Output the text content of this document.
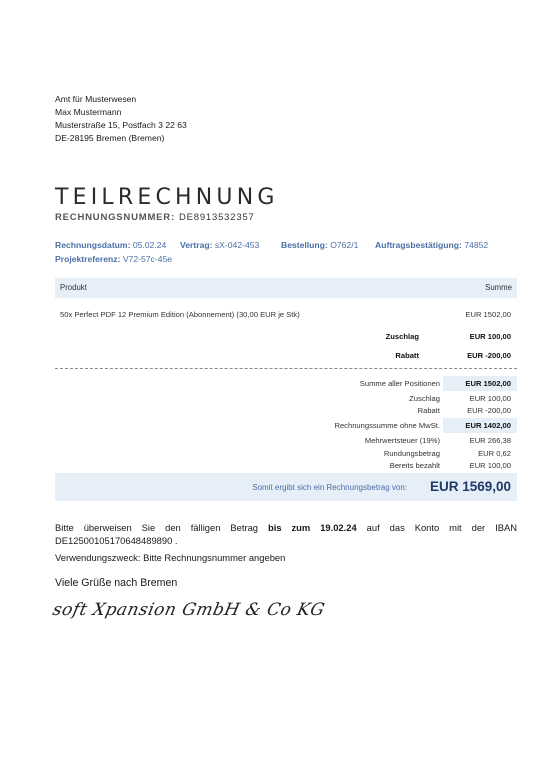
Amt für Musterwesen
Max Mustermann
Musterstraße 15, Postfach 3 22 63
DE-28195 Bremen (Bremen)
TEILRECHNUNG
RECHNUNGSNUMMER: DE8913532357
Rechnungsdatum: 05.02.24 Vertrag: sX-042-453	Bestellung: O762/1 Auftragsbestätigung: 74852
Projektreferenz: V72-57c-45e
Produkt	Summe
50x Perfect PDF 12 Premium Edition (Abonnement) (30,00 EUR je Stk)	EUR 1502,00
Zuschlag	EUR 100,00
Rabatt	EUR -200,00
Summe aller Positionen	EUR 1502,00
Zuschlag	EUR 100,00
Rabatt	EUR -200,00
Rechnungssumme ohne MwSt.	EUR 1402,00
Mehrwertsteuer (19%)	EUR 266,38
Rundungsbetrag	EUR 0,62
Bereits bezahlt	EUR 100,00
Somit ergibt sich ein Rechnungsbetrag von: EUR 1569,00
Bitte überweisen Sie den fälligen Betrag bis zum 19.02.24 auf das Konto mit der IBAN DE12500105170648489890 .
Verwendungszweck: Bitte Rechnungsnummer angeben
Viele Grüße nach Bremen
soft Xpansion GmbH & Co KG
